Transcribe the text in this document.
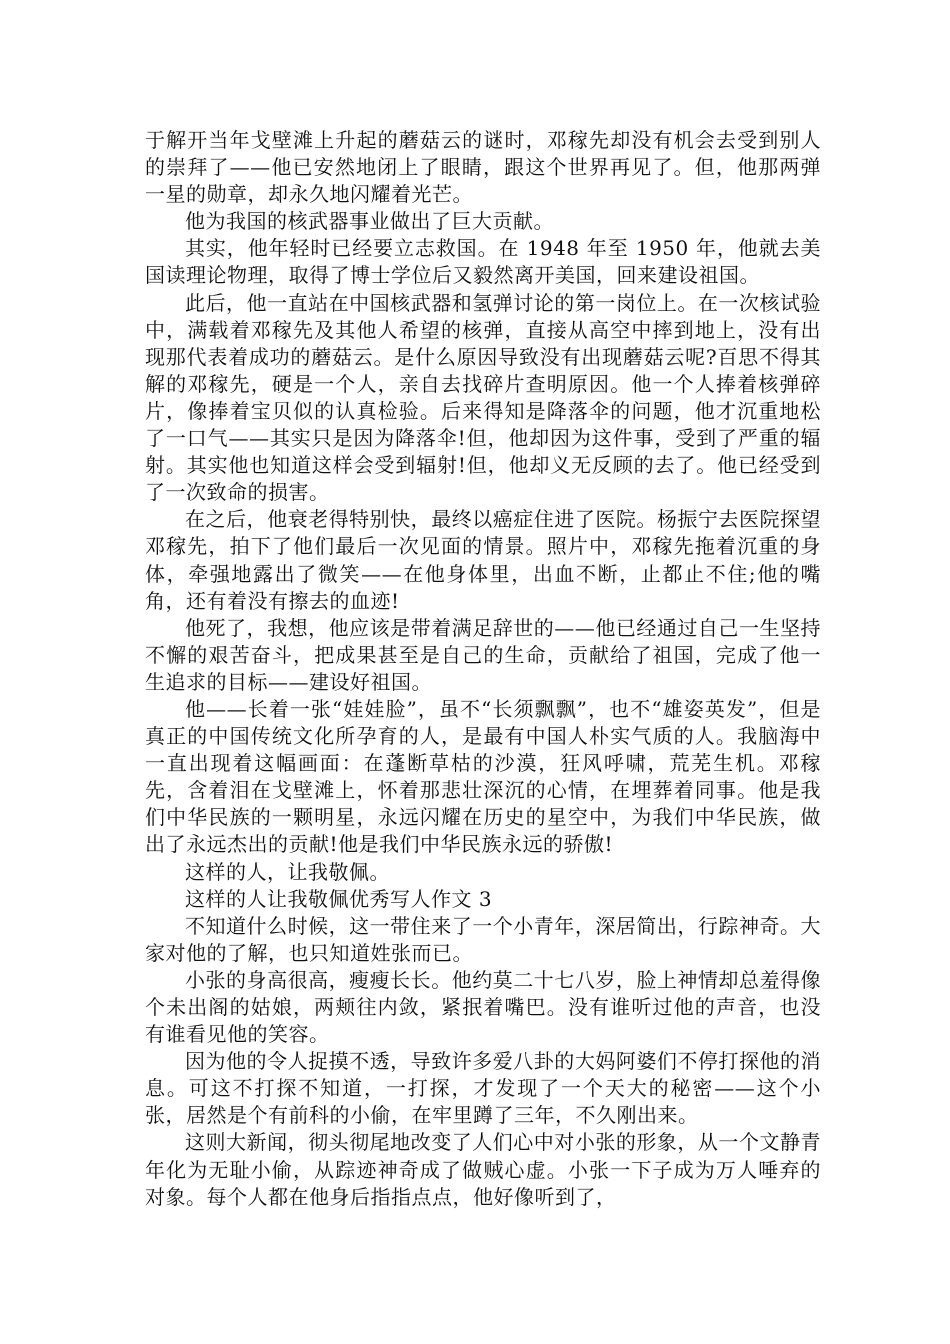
于解开当年戈壁滩上升起的蘑菇云的谜时，邓稼先却没有机会去受到别人的崇拜了——他已安然地闭上了眼睛，跟这个世界再见了。但，他那两弹一星的勋章，却永久地闪耀着光芒。

他为我国的核武器事业做出了巨大贡献。

其实，他年轻时已经要立志救国。在 1948 年至 1950 年，他就去美国读理论物理，取得了博士学位后又毅然离开美国，回来建设祖国。

此后，他一直站在中国核武器和氢弹讨论的第一岗位上。在一次核试验中，满载着邓稼先及其他人希望的核弹，直接从高空中摔到地上，没有出现那代表着成功的蘑菇云。是什么原因导致没有出现蘑菇云呢?百思不得其解的邓稼先，硬是一个人，亲自去找碎片查明原因。他一个人捧着核弹碎片，像捧着宝贝似的认真检验。后来得知是降落伞的问题，他才沉重地松了一口气——其实只是因为降落伞!但，他却因为这件事，受到了严重的辐射。其实他也知道这样会受到辐射!但，他却义无反顾的去了。他已经受到了一次致命的损害。

在之后，他衰老得特别快，最终以癌症住进了医院。杨振宁去医院探望邓稼先，拍下了他们最后一次见面的情景。照片中，邓稼先拖着沉重的身体，牵强地露出了微笑——在他身体里，出血不断，止都止不住;他的嘴角，还有着没有擦去的血迹!

他死了，我想，他应该是带着满足辞世的——他已经通过自己一生坚持不懈的艰苦奋斗，把成果甚至是自己的生命，贡献给了祖国，完成了他一生追求的目标——建设好祖国。

他——长着一张“娃娃脸”，虽不“长须飘飘”，也不“雄姿英发”，但是真正的中国传统文化所孕育的人，是最有中国人朴实气质的人。我脑海中一直出现着这幅画面：在蓬断草枯的沙漠，狂风呼啸，荒芜生机。邓稼先，含着泪在戈壁滩上，怀着那悲壮深沉的心情，在埋葬着同事。他是我们中华民族的一颗明星，永远闪耀在历史的星空中，为我们中华民族，做出了永远杰出的贡献!他是我们中华民族永远的骄傲!

这样的人，让我敬佩。

这样的人让我敬佩优秀写人作文 3

不知道什么时候，这一带住来了一个小青年，深居简出，行踪神奇。大家对他的了解，也只知道姓张而已。

小张的身高很高，瘦瘦长长。他约莫二十七八岁，脸上神情却总羞得像个未出阁的姑娘，两颊往内敛，紧抿着嘴巴。没有谁听过他的声音，也没有谁看见他的笑容。

因为他的令人捉摸不透，导致许多爱八卦的大妈阿婆们不停打探他的消息。可这不打探不知道，一打探，才发现了一个天大的秘密——这个小张，居然是个有前科的小偷，在牢里蹲了三年，不久刚出来。

这则大新闻，彻头彻尾地改变了人们心中对小张的形象，从一个文静青年化为无耻小偷，从踪迹神奇成了做贼心虚。小张一下子成为万人唾弃的对象。每个人都在他身后指指点点，他好像听到了，
